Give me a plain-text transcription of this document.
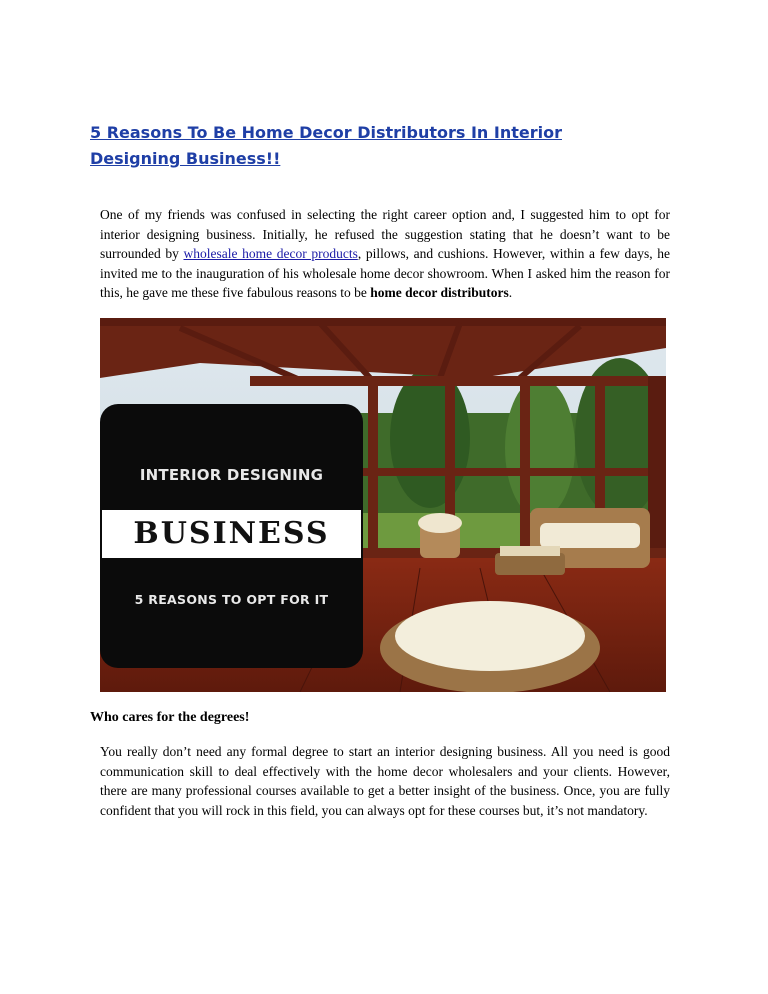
5 Reasons To Be Home Decor Distributors In Interior Designing Business!!

One of my friends was confused in selecting the right career option and, I suggested him to opt for interior designing business. Initially, he refused the suggestion stating that he doesn’t want to be surrounded by wholesale home decor products, pillows, and cushions. However, within a few days, he invited me to the inauguration of his wholesale home decor showroom. When I asked him the reason for this, he gave me these five fabulous reasons to be home decor distributors.

INTERIOR DESIGNING
BUSINESS
5 REASONS TO OPT FOR IT
Who cares for the degrees!

You really don’t need any formal degree to start an interior designing business. All you need is good communication skill to deal effectively with the home decor wholesalers and your clients. However, there are many professional courses available to get a better insight of the business. Once, you are fully confident that you will rock in this field, you can always opt for these courses but, it’s not mandatory.
